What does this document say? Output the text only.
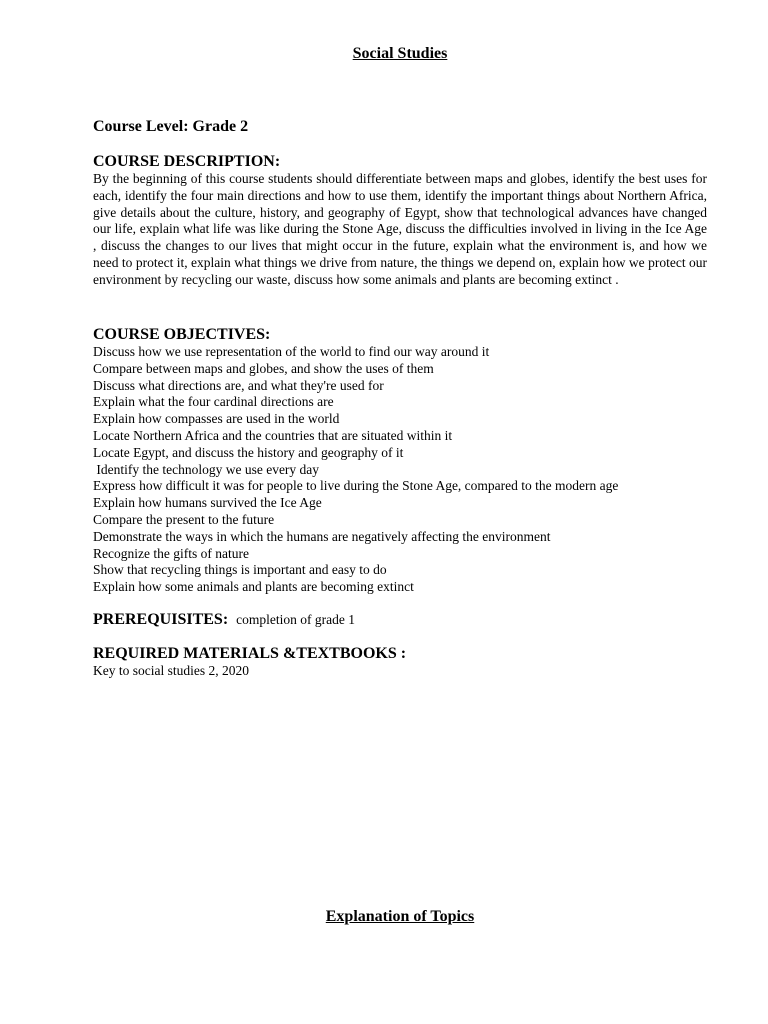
Social Studies
Course Level: Grade 2
COURSE DESCRIPTION:

By the beginning of this course students should differentiate between maps and globes, identify the best uses for each, identify the four main directions and how to use them, identify the important things about Northern Africa, give details about the culture, history, and geography of Egypt, show that technological advances have changed our life, explain what life was like during the Stone Age, discuss the difficulties involved in living in the Ice Age , discuss the changes to our lives that might occur in the future, explain what the environment is, and how we need to protect it, explain what things we drive from nature, the things we depend on, explain how we protect our environment by recycling our waste, discuss how some animals and plants are becoming extinct .

COURSE OBJECTIVES:
Discuss how we use representation of the world to find our way around it
Compare between maps and globes, and show the uses of them
Discuss what directions are, and what they're used for
Explain what the four cardinal directions are
Explain how compasses are used in the world
Locate Northern Africa and the countries that are situated within it
Locate Egypt, and discuss the history and geography of it
Identify the technology we use every day
Express how difficult it was for people to live during the Stone Age, compared to the modern age
Explain how humans survived the Ice Age
Compare the present to the future
Demonstrate the ways in which the humans are negatively affecting the environment
Recognize the gifts of nature
Show that recycling things is important and easy to do
Explain how some animals and plants are becoming extinct
PREREQUISITES: completion of grade 1
REQUIRED MATERIALS &TEXTBOOKS :
Key to social studies 2, 2020
Explanation of Topics
